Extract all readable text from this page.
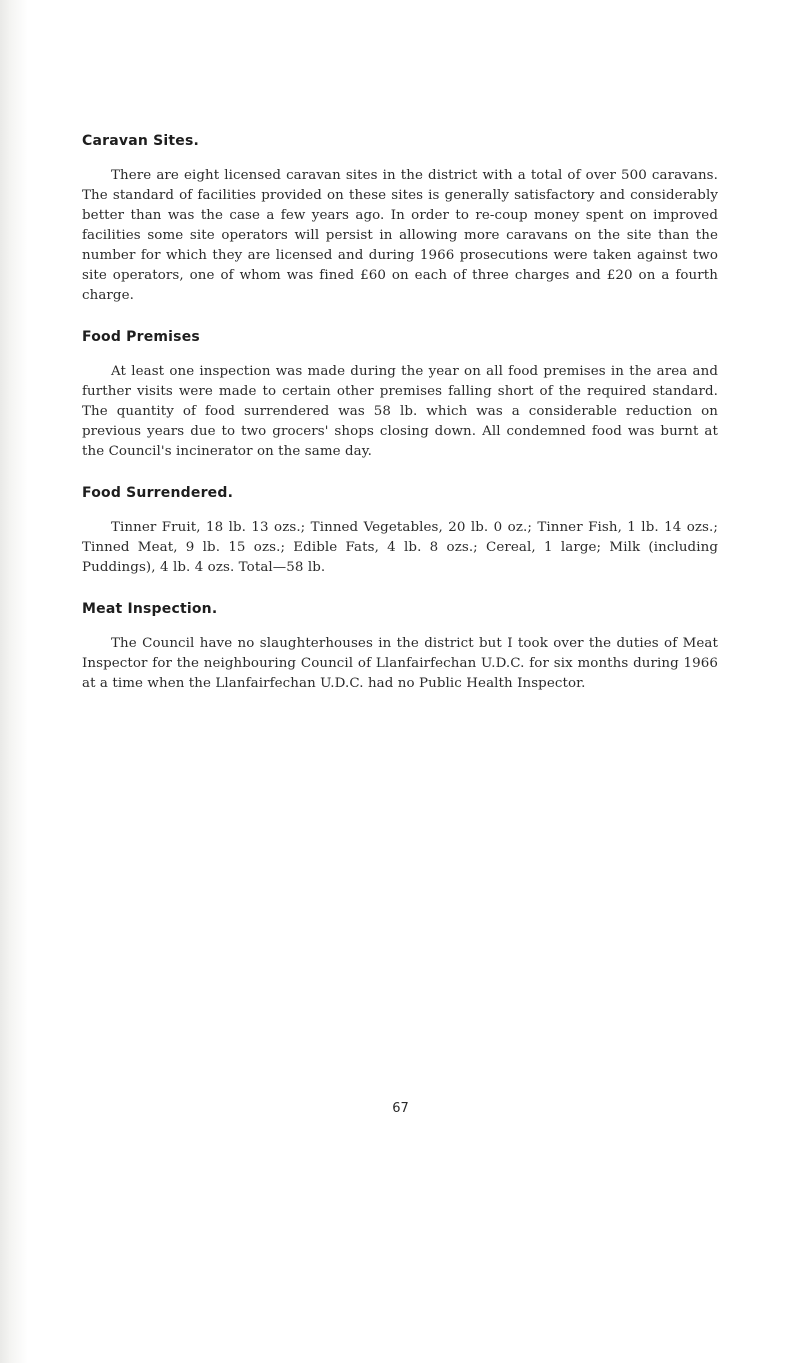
Caravan Sites.

There are eight licensed caravan sites in the district with a total of over 500 caravans. The standard of facilities provided on these sites is generally satisfactory and considerably better than was the case a few years ago. In order to re-coup money spent on improved facilities some site operators will persist in allowing more caravans on the site than the number for which they are licensed and during 1966 prosecutions were taken against two site operators, one of whom was fined £60 on each of three charges and £20 on a fourth charge.

Food Premises

At least one inspection was made during the year on all food premises in the area and further visits were made to certain other premises falling short of the required standard. The quantity of food surrendered was 58 lb. which was a considerable reduction on previous years due to two grocers' shops closing down. All condemned food was burnt at the Council's incinerator on the same day.

Food Surrendered.

Tinner Fruit, 18 lb. 13 ozs.; Tinned Vegetables, 20 lb. 0 oz.; Tinner Fish, 1 lb. 14 ozs.; Tinned Meat, 9 lb. 15 ozs.; Edible Fats, 4 lb. 8 ozs.; Cereal, 1 large; Milk (including Puddings), 4 lb. 4 ozs. Total—58 lb.

Meat Inspection.

The Council have no slaughterhouses in the district but I took over the duties of Meat Inspector for the neighbouring Council of Llanfairfechan U.D.C. for six months during 1966 at a time when the Llanfairfechan U.D.C. had no Public Health Inspector.

67
